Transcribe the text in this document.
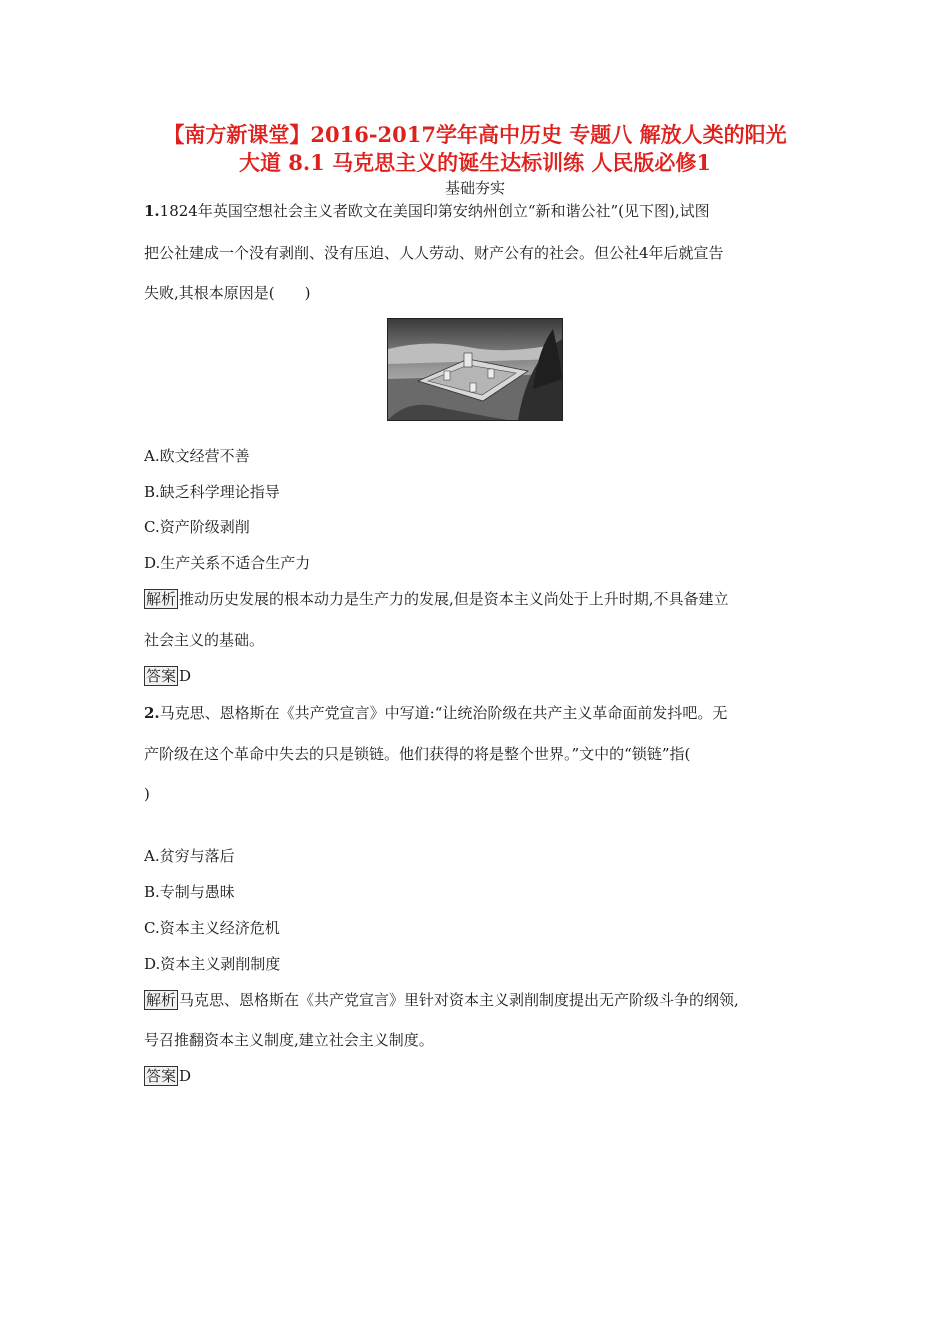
【南方新课堂】2016-2017学年高中历史 专题八 解放人类的阳光
大道 8.1 马克思主义的诞生达标训练 人民版必修1
基础夯实
1.1824年英国空想社会主义者欧文在美国印第安纳州创立“新和谐公社”(见下图),试图
把公社建成一个没有剥削、没有压迫、人人劳动、财产公有的社会。但公社4年后就宣告
失败,其根本原因是(　　)
A.欧文经营不善
B.缺乏科学理论指导
C.资产阶级剥削
D.生产关系不适合生产力
解析 推动历史发展的根本动力是生产力的发展,但是资本主义尚处于上升时期,不具备建立
社会主义的基础。
答案 D
2.马克思、恩格斯在《共产党宣言》中写道:“让统治阶级在共产主义革命面前发抖吧。无
产阶级在这个革命中失去的只是锁链。他们获得的将是整个世界。”文中的“锁链”指(
)
A.贫穷与落后
B.专制与愚昧
C.资本主义经济危机
D.资本主义剥削制度
解析 马克思、恩格斯在《共产党宣言》里针对资本主义剥削制度提出无产阶级斗争的纲领,
号召推翻资本主义制度,建立社会主义制度。
答案 D
